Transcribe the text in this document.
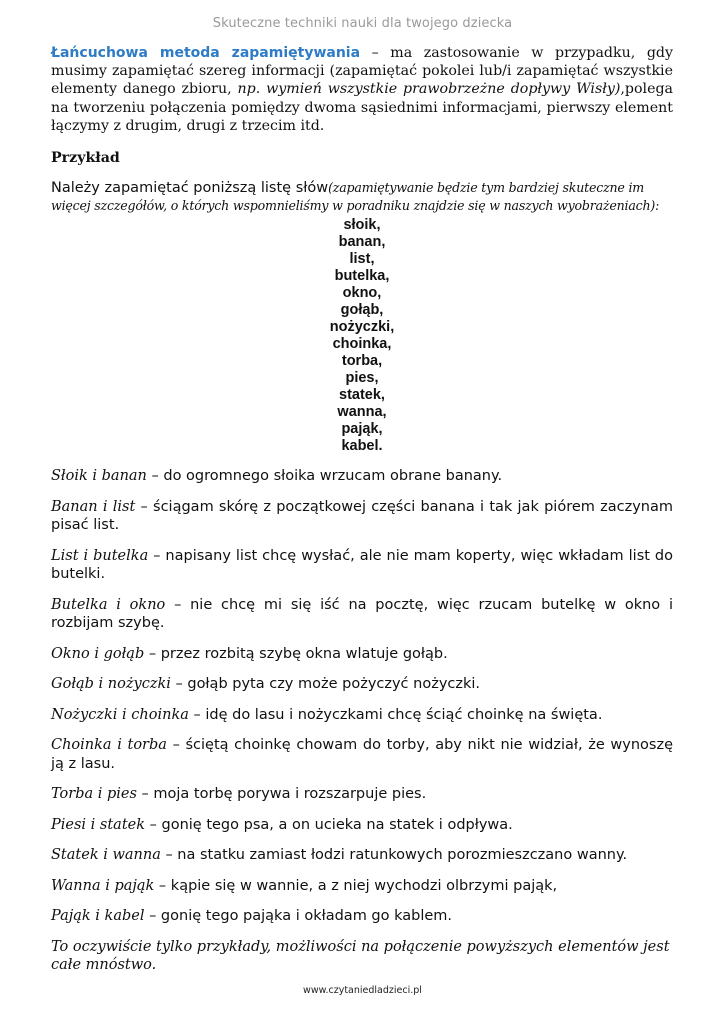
Skuteczne techniki nauki dla twojego dziecka

Łańcuchowa metoda zapamiętywania – ma zastosowanie w przypadku, gdy musimy zapamiętać szereg informacji (zapamiętać pokolei lub/i zapamiętać wszystkie elementy danego zbioru, np. wymień wszystkie prawobrzeżne dopływy Wisły),polega na tworzeniu połączenia pomiędzy dwoma sąsiednimi informacjami, pierwszy element łączymy z drugim, drugi z trzecim itd.

Przykład

Należy zapamiętać poniższą listę słów(zapamiętywanie będzie tym bardziej skuteczne im więcej szczegółów, o których wspomnieliśmy w poradniku znajdzie się w naszych wyobrażeniach):

słoik,
banan,
list,
butelka,
okno,
gołąb,
nożyczki,
choinka,
torba,
pies,
statek,
wanna,
pająk,
kabel.

Słoik i banan – do ogromnego słoika wrzucam obrane banany.

Banan i list – ściągam skórę z początkowej części banana i tak jak piórem zaczynam pisać list.

List i butelka – napisany list chcę wysłać, ale nie mam koperty, więc wkładam list do butelki.

Butelka i okno – nie chcę mi się iść na pocztę, więc rzucam butelkę w okno i rozbijam szybę.

Okno i gołąb – przez rozbitą szybę okna wlatuje gołąb.

Gołąb i nożyczki – gołąb pyta czy może pożyczyć nożyczki.

Nożyczki i choinka – idę do lasu i nożyczkami chcę ściąć choinkę na święta.

Choinka i torba – ściętą choinkę chowam do torby, aby nikt nie widział, że wynoszę ją z lasu.

Torba i pies – moja torbę porywa i rozszarpuje pies.

Piesi i statek – gonię tego psa, a on ucieka na statek i odpływa.

Statek i wanna – na statku zamiast łodzi ratunkowych porozmieszczano wanny.

Wanna i pająk – kąpie się w wannie, a z niej wychodzi olbrzymi pająk,

Pająk i kabel – gonię tego pająka i okładam go kablem.

To oczywiście tylko przykłady, możliwości na połączenie powyższych elementów jest całe mnóstwo.

www.czytaniedladzieci.pl
